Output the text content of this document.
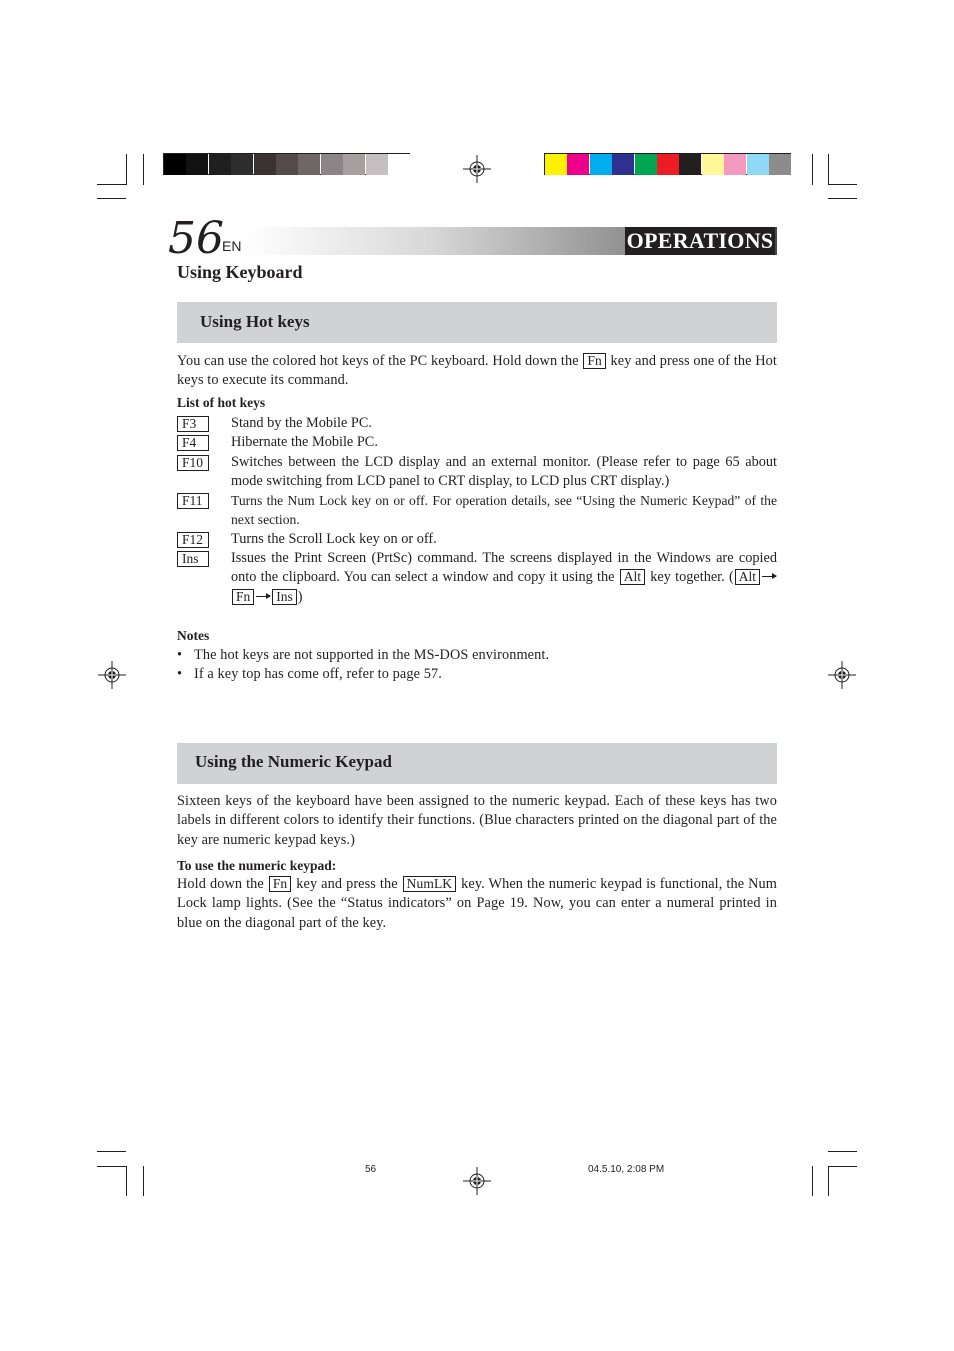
56
EN	OPERATIONS
Using Keyboard
Using Hot keys
You can use the colored hot keys of the PC keyboard. Hold down the Fn key and press one of the Hot keys to execute its command.
List of hot keys
F3	Stand by the Mobile PC.
F4	Hibernate the Mobile PC.
F10	Switches between the LCD display and an external monitor. (Please refer to page 65 about mode switching from LCD panel to CRT display, to LCD plus CRT display.)
F11	Turns the Num Lock key on or off. For operation details, see “Using the Numeric Keypad” of the next section.
F12	Turns the Scroll Lock key on or off.
Ins	Issues the Print Screen (PrtSc) command. The screens displayed in the Windows are copied onto the clipboard. You can select a window and copy it using the Alt key together. ( AltFn Ins )
Notes
• The hot keys are not supported in the MS-DOS environment.
• If a key top has come off, refer to page 57.
Using the Numeric Keypad
Sixteen keys of the keyboard have been assigned to the numeric keypad. Each of these keys has two labels in different colors to identify their functions. (Blue characters printed on the diagonal part of the key are numeric keypad keys.)
To use the numeric keypad:
Hold down the Fn key and press the NumLK key. When the numeric keypad is functional, the Num Lock lamp lights. (See the “Status indicators” on Page 19. Now, you can enter a numeral printed in blue on the diagonal part of the key.
56	04.5.10, 2:08 PM
